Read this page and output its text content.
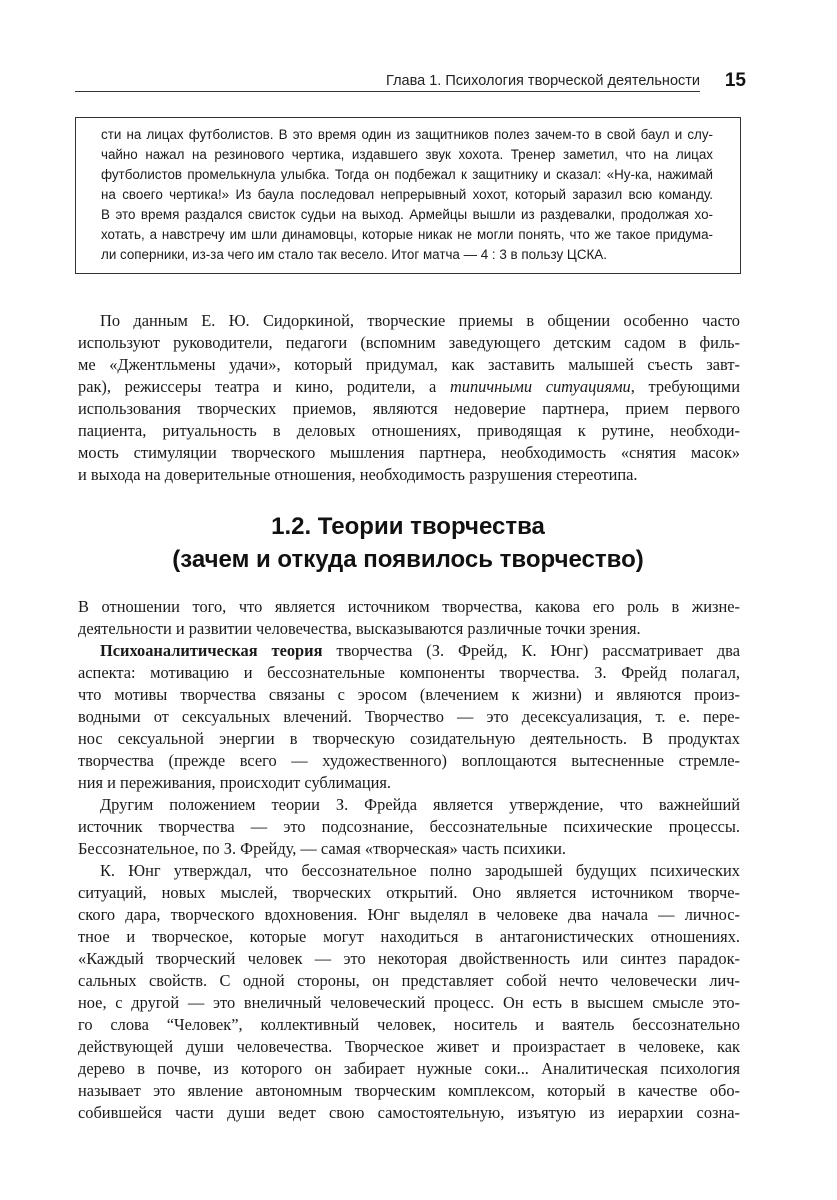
Глава 1. Психология творческой деятельности 15
сти на лицах футболистов. В это время один из защитников полез зачем-то в свой баул и слу-
чайно нажал на резиновогo чертика, издавшего звук хохота. Тренер заметил, что на лицах
футболистов промелькнула улыбка. Тогда он подбежал к защитнику и сказал: «Ну-ка, нажимай
на своего чертика!» Из баула последовал непрерывный хохот, который заразил всю команду.
В это время раздался свисток судьи на выход. Армейцы вышли из раздевалки, продолжая хо-
хотать, а навстречу им шли динамовцы, которые никак не могли понять, что же такое придума-
ли соперники, из-за чего им стало так весело. Итог матча — 4 : 3 в пользу ЦСКА.
По данным Е. Ю. Сидоркиной, творческие приемы в общении особенно часто
используют руководители, педагоги (вспомним заведующего детским садом в филь-
ме «Джентльмены удачи», который придумал, как заставить малышей съесть завт-
рак), режиссеры театра и кино, родители, а типичными ситуациями, требующими
использования творческих приемов, являются недоверие партнера, прием первого
пациента, ритуальность в деловых отношениях, приводящая к рутине, необходи-
мость стимуляции творческого мышления партнера, необходимость «снятия масок»
и выхода на доверительные отношения, необходимость разрушения стереотипа.
1.2. Теории творчества
(зачем и откуда появилось творчество)
В отношении того, что является источником творчества, какова его роль в жизне-
деятельности и развитии человечества, высказываются различные точки зрения.
Психоаналитическая теория творчества (З. Фрейд, К. Юнг) рассматривает два
аспекта: мотивацию и бессознательные компоненты творчества. З. Фрейд полагал,
что мотивы творчества связаны с эросом (влечением к жизни) и являются произ-
водными от сексуальных влечений. Творчество — это десексуализация, т. е. пере-
нос сексуальной энергии в творческую созидательную деятельность. В продуктах
творчества (прежде всего — художественного) воплощаются вытесненные стремле-
ния и переживания, происходит сублимация.
Другим положением теории З. Фрейда является утверждение, что важнейший
источник творчества — это подсознание, бессознательные психические процессы.
Бессознательное, по З. Фрейду, — самая «творческая» часть психики.
К. Юнг утверждал, что бессознательное полно зародышей будущих психических
ситуаций, новых мыслей, творческих открытий. Оно является источником творче-
ского дара, творческого вдохновения. Юнг выделял в человеке два начала — личнос-
тное и творческое, которые могут находиться в антагонистических отношениях.
«Каждый творческий человек — это некоторая двойственность или синтез парадок-
сальных свойств. С одной стороны, он представляет собой нечто человечески лич-
ное, с другой — это внеличный человеческий процесс. Он есть в высшем смысле это-
го слова “Человек”, коллективный человек, носитель и ваятель бессознательно
действующей души человечества. Творческое живет и произрастает в человеке, как
дерево в почве, из которого он забирает нужные соки... Аналитическая психология
называет это явление автономным творческим комплексом, который в качестве обо-
собившейся части души ведет свою самостоятельную, изъятую из иерархии созна-
